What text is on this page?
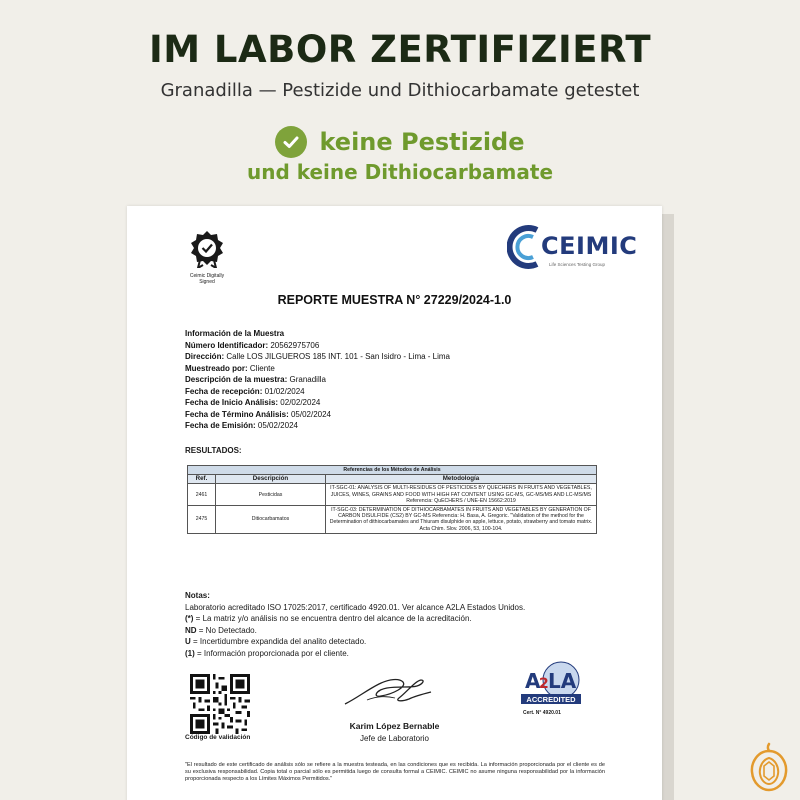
IM LABOR ZERTIFIZIERT
Granadilla — Pestizide und Dithiocarbamate getestet
keine Pestizide
und keine Dithiocarbamate
Ceimic Digitally Signed
CEIMIC
Life Sciences Testing Group
REPORTE MUESTRA N° 27229/2024-1.0
Información de la Muestra
Número Identificador: 20562975706
Dirección: Calle LOS JILGUEROS 185 INT. 101 - San Isidro - Lima - Lima
Muestreado por: Cliente
Descripción de la muestra: Granadilla
Fecha de recepción: 01/02/2024
Fecha de Inicio Análisis: 02/02/2024
Fecha de Término Análisis: 05/02/2024
Fecha de Emisión: 05/02/2024
RESULTADOS:
Referencias de los Métodos de Análisis		
Ref.	Descripción	Metodología
2461	Pesticidas	IT-SGC-01: ANALYSIS OF MULTI-RESIDUES OF PESTICIDES BY QUECHERS IN FRUITS AND VEGETABLES, JUICES, WINES, GRAINS AND FOOD WITH HIGH FAT CONTENT USING GC-MS, GC-MS/MS AND LC-MS/MS Referencia: QuECHERS / UNE-EN 15662:2019
2475	Ditiocarbamatos	IT-SGC-03: DETERMINATION OF DITHIOCARBAMATES IN FRUITS AND VEGETABLES BY GENERATION OF CARBON DISULFIDE (CS2) BY GC-MS Referencia: H. Basa, A. Gregoric. "Validation of the method for the Determination of dithiocarbamates and Thiuram disulphide on apple, lettuce, potato, strawberry and tomato matrix. Acta Chim. Slov. 2006, 53, 100-104.
Notas:
Laboratorio acreditado ISO 17025:2017, certificado 4920.01. Ver alcance A2LA Estados Unidos.
(*) = La matriz y/o análisis no se encuentra dentro del alcance de la acreditación.
ND = No Detectado.
U = Incertidumbre expandida del analito detectado.
(1) = Información proporcionada por el cliente.
Código de validación
Karim López Bernable
Jefe de Laboratorio
A
2 LA
ACCREDITED
Cert. N° 4920.01
"El resultado de este certificado de análisis sólo se refiere a la muestra testeada, en las condiciones que es recibida. La información proporcionada por el cliente es de su exclusiva responsabilidad. Copia total o parcial sólo es permitida luego de consulta formal a CEIMIC. CEIMIC no asume ninguna responsabilidad por la información proporcionada respecto a los Límites Máximos Permitidos."
